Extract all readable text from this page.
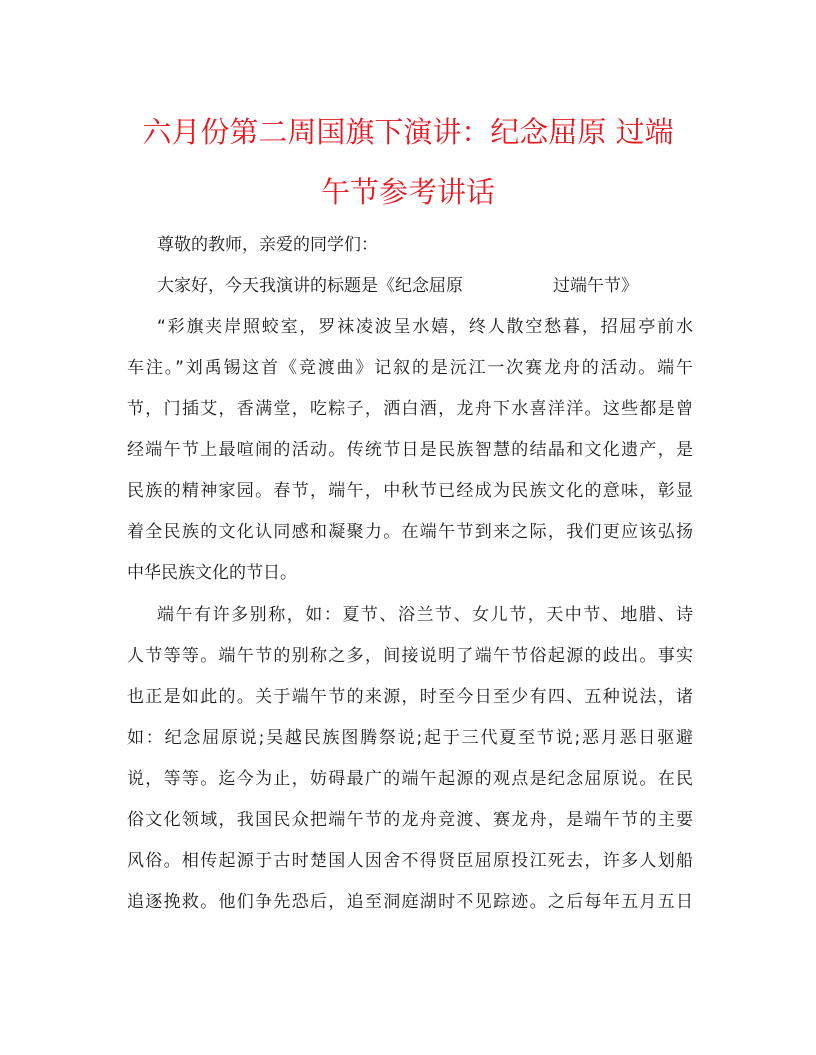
六月份第二周国旗下演讲：纪念屈原 过端
午节参考讲话
尊敬的教师，亲爱的同学们：
大家好，今天我演讲的标题是《纪念屈原	过端午节》
“彩旗夹岸照蛟室，罗袜凌波呈水嬉，终人散空愁暮，招屈亭前水
车注。”刘禹锡这首《竞渡曲》记叙的是沅江一次赛龙舟的活动。端午
节，门插艾，香满堂，吃粽子，洒白酒，龙舟下水喜洋洋。这些都是曾
经端午节上最喧闹的活动。传统节日是民族智慧的结晶和文化遗产，是
民族的精神家园。春节，端午，中秋节已经成为民族文化的意味，彰显
着全民族的文化认同感和凝聚力。在端午节到来之际，我们更应该弘扬
中华民族文化的节日。
端午有许多别称，如：夏节、浴兰节、女儿节，天中节、地腊、诗
人节等等。端午节的别称之多，间接说明了端午节俗起源的歧出。事实
也正是如此的。关于端午节的来源，时至今日至少有四、五种说法，诸
如：纪念屈原说;吴越民族图腾祭说;起于三代夏至节说;恶月恶日驱避
说，等等。迄今为止，妨碍最广的端午起源的观点是纪念屈原说。在民
俗文化领域，我国民众把端午节的龙舟竞渡、赛龙舟，是端午节的主要
风俗。相传起源于古时楚国人因舍不得贤臣屈原投江死去，许多人划船
追逐挽救。他们争先恐后，追至洞庭湖时不见踪迹。之后每年五月五日
